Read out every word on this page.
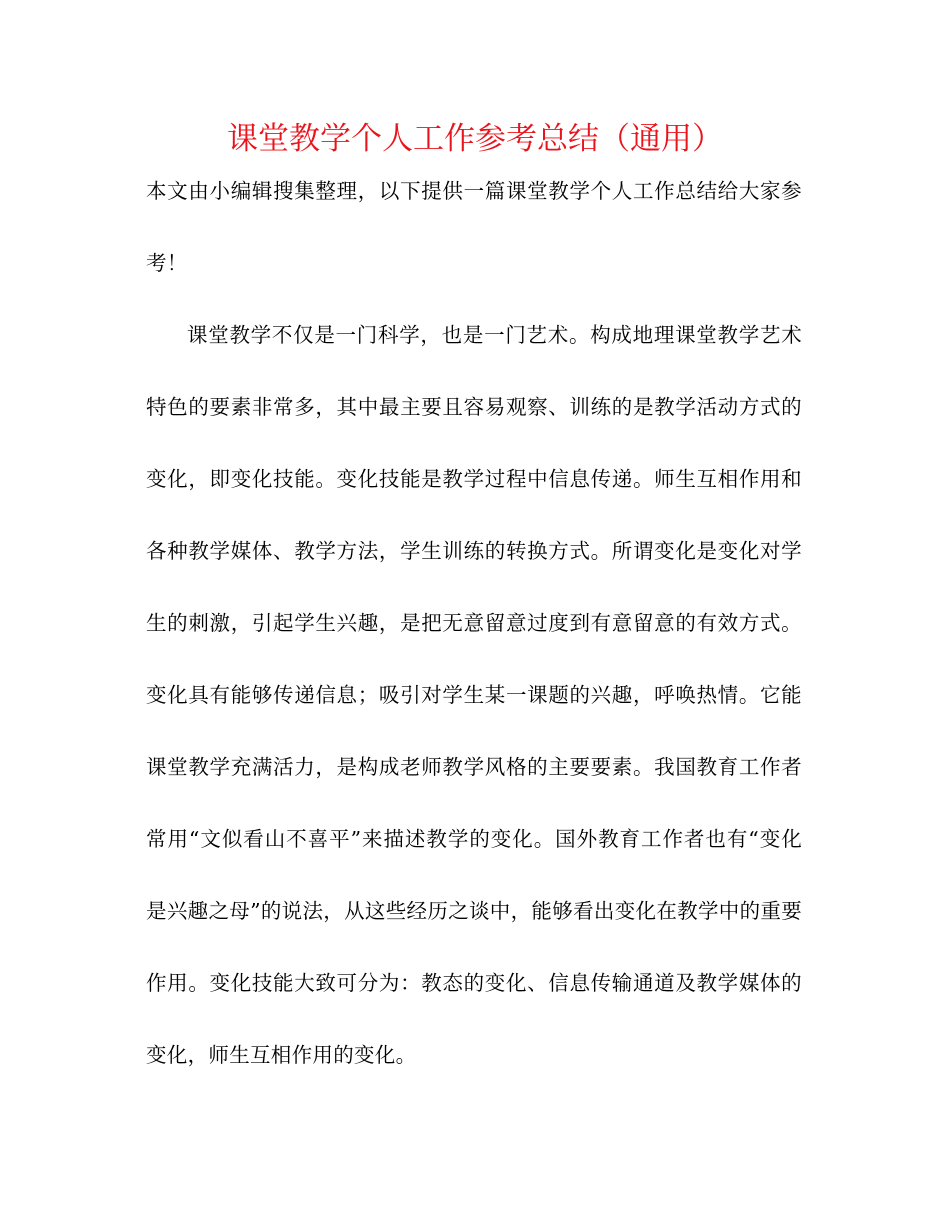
课堂教学个人工作参考总结（通用）

本文由小编辑搜集整理，以下提供一篇课堂教学个人工作总结给大家参考！

课堂教学不仅是一门科学，也是一门艺术。构成地理课堂教学艺术特色的要素非常多，其中最主要且容易观察、训练的是教学活动方式的变化，即变化技能。变化技能是教学过程中信息传递。师生互相作用和各种教学媒体、教学方法，学生训练的转换方式。所谓变化是变化对学生的刺激，引起学生兴趣，是把无意留意过度到有意留意的有效方式。变化具有能够传递信息；吸引对学生某一课题的兴趣，呼唤热情。它能课堂教学充满活力，是构成老师教学风格的主要要素。我国教育工作者常用“文似看山不喜平”来描述教学的变化。国外教育工作者也有“变化是兴趣之母”的说法，从这些经历之谈中，能够看出变化在教学中的重要作用。变化技能大致可分为：教态的变化、信息传输通道及教学媒体的变化，师生互相作用的变化。
